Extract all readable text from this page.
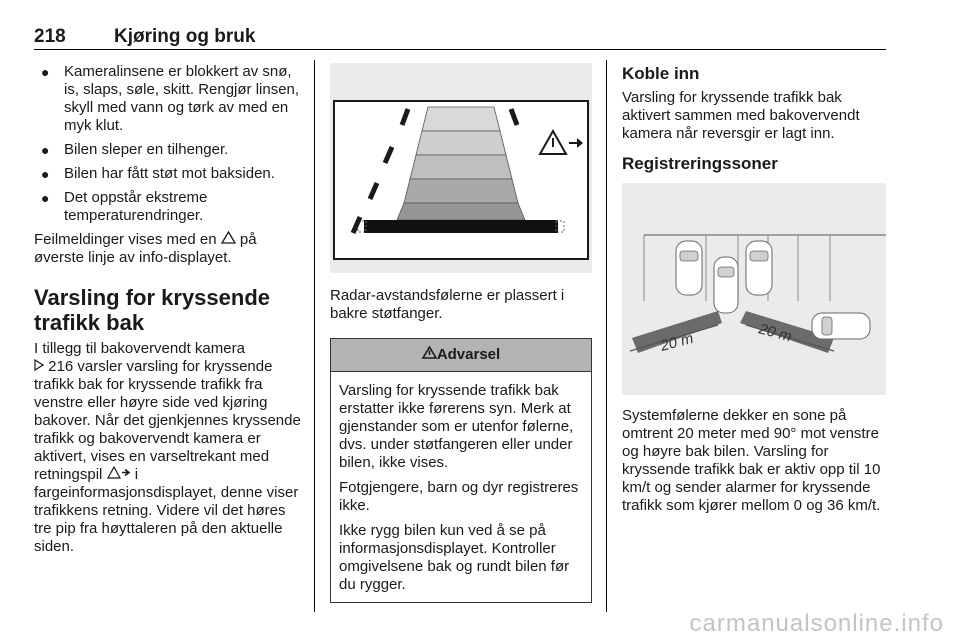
218	Kjøring og bruk
● Kameralinsene er blokkert av snø, is, slaps, søle, skitt. Rengjør linsen, skyll med vann og tørk av med en myk klut.
● Bilen sleper en tilhenger.
● Bilen har fått støt mot baksiden.
● Det oppstår ekstreme temperaturendringer.

Feilmeldinger vises med en på øverste linje av info-displayet.

Varsling for kryssende trafikk bak

I tillegg til bakovervendt kamera
216 varsler varsling for kryssende trafikk bak for kryssende trafikk fra venstre eller høyre side ved kjøring bakover. Når det gjenkjennes kryssende trafikk og bakovervendt kamera er aktivert, vises en varseltrekant med retningspil i fargeinformasjonsdisplayet, denne viser trafikkens retning. Videre vil det høres tre pip fra høyttaleren på den aktuelle siden.

Radar-avstandsfølerne er plassert i bakre støtfanger.

Advarsel

Varsling for kryssende trafikk bak erstatter ikke førerens syn. Merk at gjenstander som er utenfor følerne, dvs. under støtfangeren eller under bilen, ikke vises.

Fotgjengere, barn og dyr registreres ikke.

Ikke rygg bilen kun ved å se på informasjonsdisplayet. Kontroller omgivelsene bak og rundt bilen før du rygger.

Koble inn

Varsling for kryssende trafikk bak aktivert sammen med bakovervendt kamera når reversgir er lagt inn.

Registreringssoner
20 m	20 m

Systemfølerne dekker en sone på omtrent 20 meter med 90° mot venstre og høyre bak bilen. Varsling for kryssende trafikk bak er aktiv opp til 10 km/t og sender alarmer for kryssende trafikk som kjører mellom 0 og 36 km/t.

carmanualsonline.info
